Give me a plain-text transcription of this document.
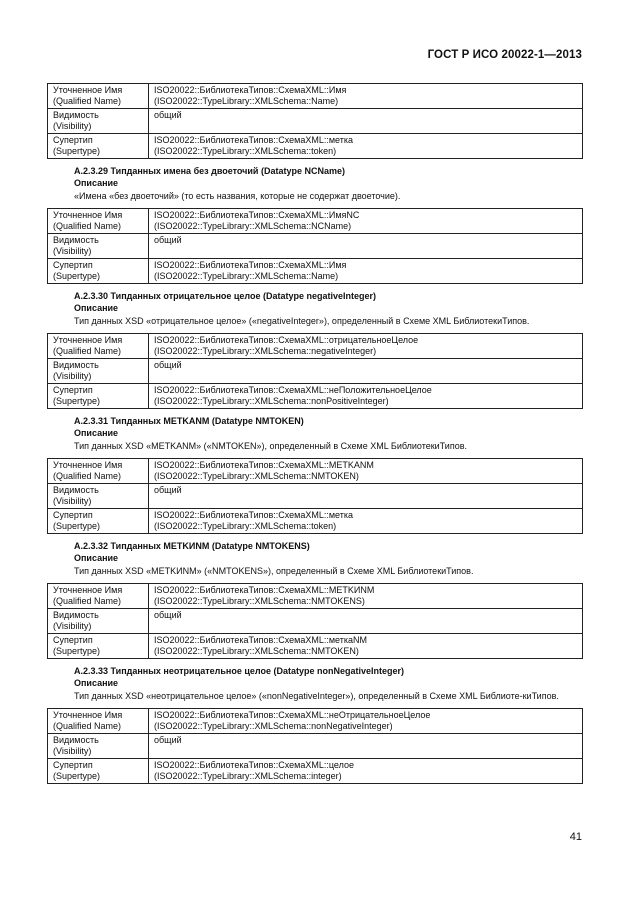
ГОСТ Р ИСО 20022-1—2013
Уточненное Имя
(Qualified Name)	ISO20022::БиблиотекаТипов::СхемаXML::Имя
(ISO20022::TypeLibrary::XMLSchema::Name)

Видимость
(Visibility)	общий

Супертип
(Supertype)	ISO20022::БиблиотекаТипов::СхемаXML::метка
(ISO20022::TypeLibrary::XMLSchema::token)
A.2.3.29 Типданных имена без двоеточий (Datatype NCName)
Описание
«Имена «без двоеточий» (то есть названия, которые не содержат двоеточие).
Уточненное Имя
(Qualified Name)	ISO20022::БиблиотекаТипов::СхемаXML::ИмяNC
(ISO20022::TypeLibrary::XMLSchema::NCName)

Видимость
(Visibility)	общий

Супертип
(Supertype)	ISO20022::БиблиотекаТипов::СхемаXML::Имя
(ISO20022::TypeLibrary::XMLSchema::Name)
A.2.3.30 Типданных отрицательное целое (Datatype negativeInteger)
Описание
Тип данных XSD «отрицательное целое» («negativeInteger»), определенный в Схеме XML БиблиотекиТипов.
Уточненное Имя
(Qualified Name)	ISO20022::БиблиотекаТипов::СхемаXML::отрицательноеЦелое
(ISO20022::TypeLibrary::XMLSchema::negativeInteger)

Видимость
(Visibility)	общий

Супертип
(Supertype)	ISO20022::БиблиотекаТипов::СхемаXML::неПоложительноеЦелое
(ISO20022::TypeLibrary::XMLSchema::nonPositiveInteger)
A.2.3.31 Типданных METKANM (Datatype NMTOKEN)
Описание
Тип данных XSD «METKANM» («NMTOKEN»), определенный в Схеме XML БиблиотекиТипов.
Уточненное Имя
(Qualified Name)	ISO20022::БиблиотекаТипов::СхемаXML::METKANM
(ISO20022::TypeLibrary::XMLSchema::NMTOKEN)

Видимость
(Visibility)	общий

Супертип
(Supertype)	ISO20022::БиблиотекаТипов::СхемаXML::метка
(ISO20022::TypeLibrary::XMLSchema::token)
A.2.3.32 Типданных METKИNM (Datatype NMTOKENS)
Описание
Тип данных XSD «METKИNM» («NMTOKENS»), определенный в Схеме XML БиблиотекиТипов.
Уточненное Имя
(Qualified Name)	ISO20022::БиблиотекаТипов::СхемаXML::METKИNM
(ISO20022::TypeLibrary::XMLSchema::NMTOKENS)

Видимость
(Visibility)	общий

Супертип
(Supertype)	ISO20022::БиблиотекаТипов::СхемаXML::меткаNM
(ISO20022::TypeLibrary::XMLSchema::NMTOKEN)
A.2.3.33 Типданных неотрицательное целое (Datatype nonNegativeInteger)
Описание
Тип данных XSD «неотрицательное целое» («nonNegativeInteger»), определенный в Схеме XML Библиоте-киТипов.
Уточненное Имя
(Qualified Name)	ISO20022::БиблиотекаТипов::СхемаXML::неОтрицательноеЦелое
(ISO20022::TypeLibrary::XMLSchema::nonNegativeInteger)

Видимость
(Visibility)	общий

Супертип
(Supertype)	ISO20022::БиблиотекаТипов::СхемаXML::целое
(ISO20022::TypeLibrary::XMLSchema::integer)
41
